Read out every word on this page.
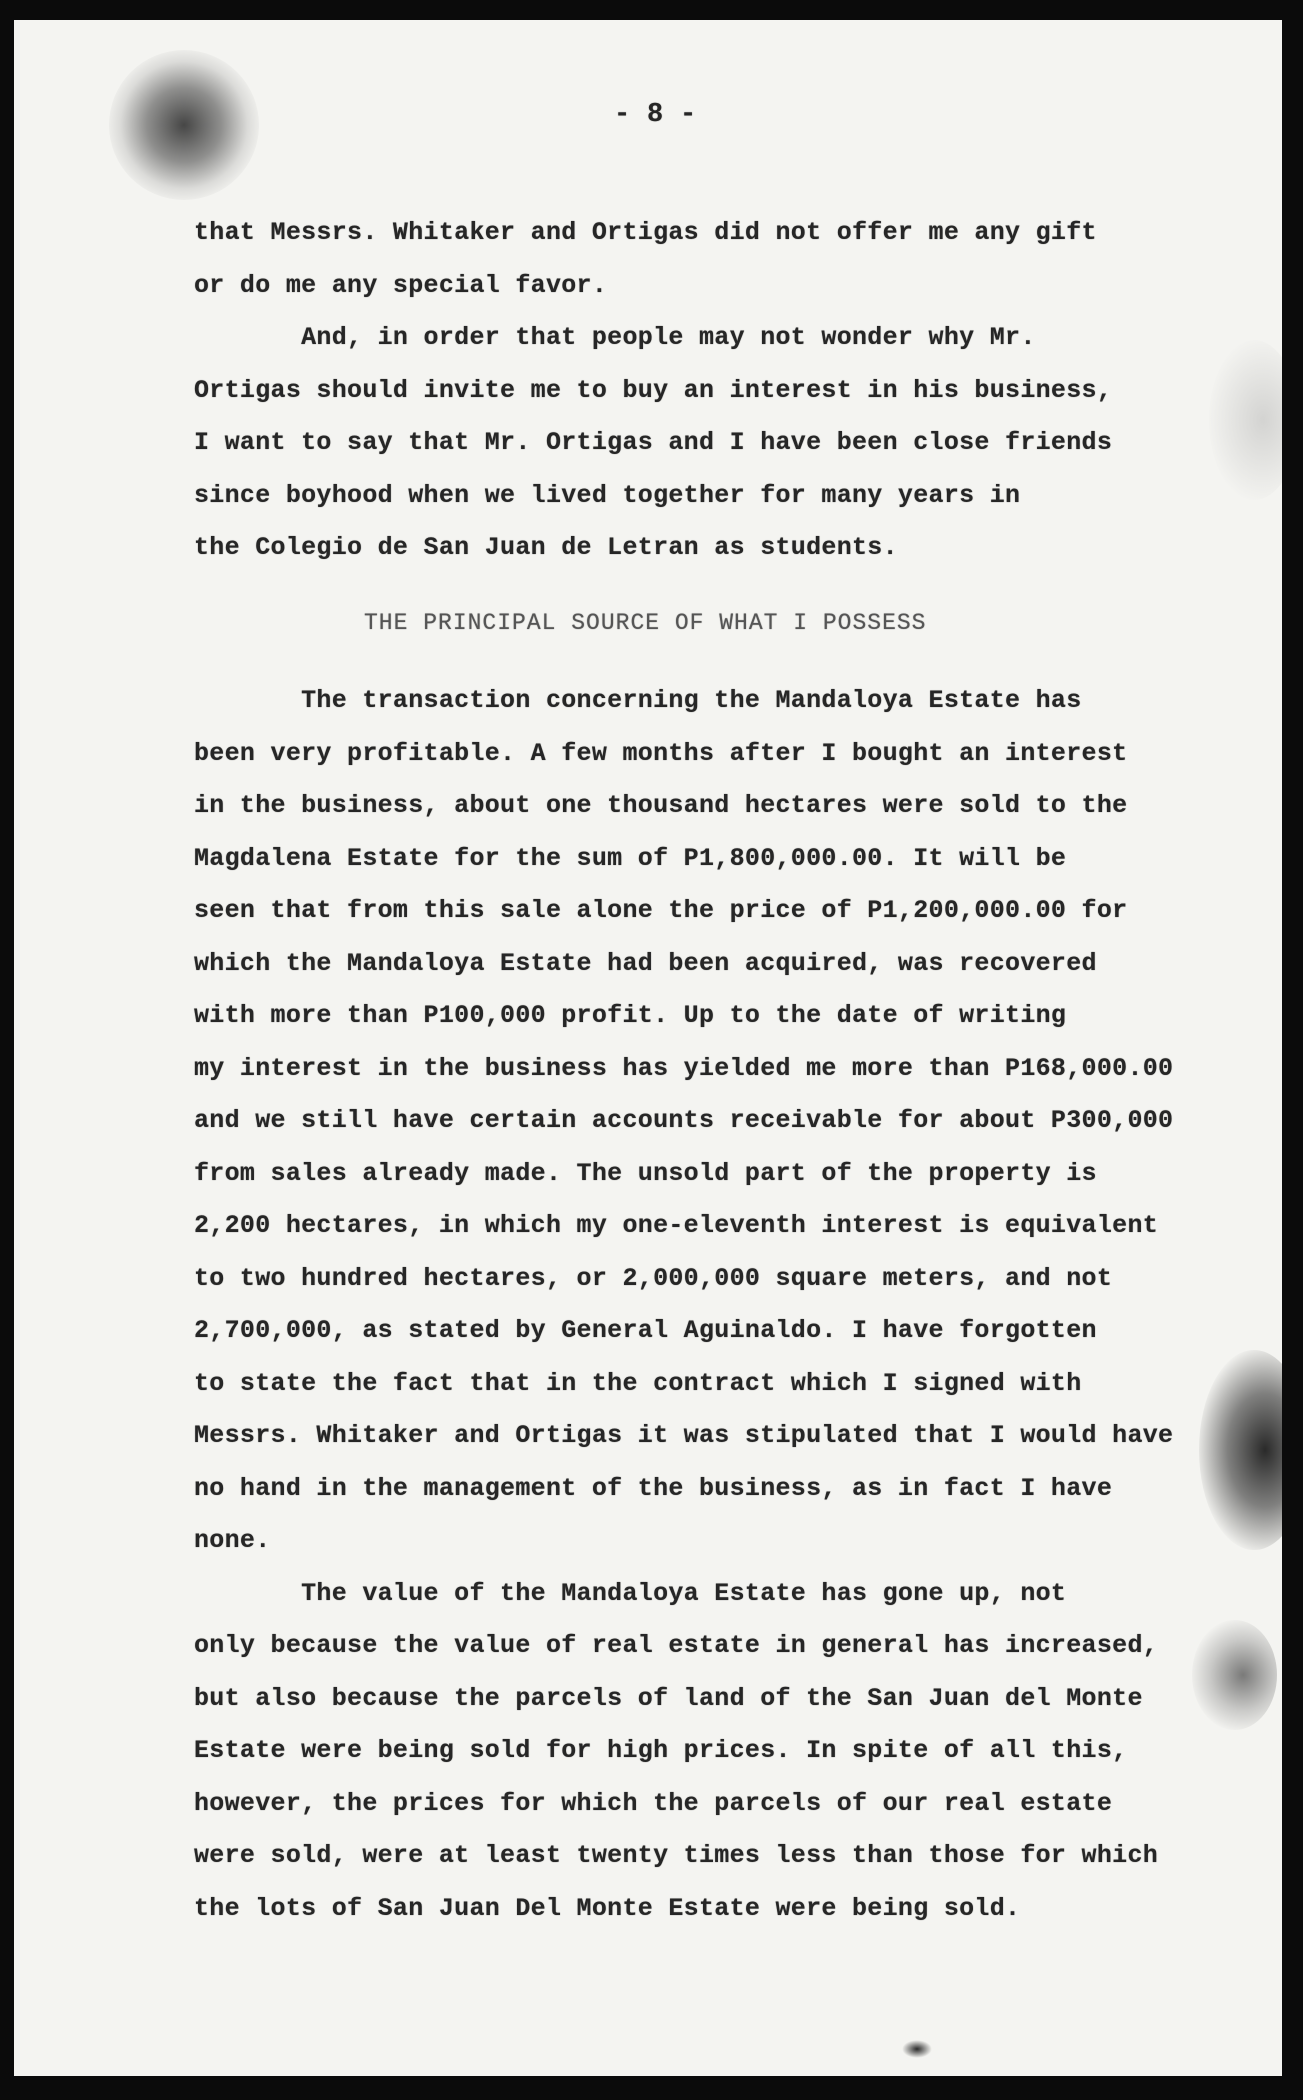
- 8 -
that Messrs. Whitaker and Ortigas did not offer me any gift
or do me any special favor.
And, in order that people may not wonder why Mr.
Ortigas should invite me to buy an interest in his business,
I want to say that Mr. Ortigas and I have been close friends
since boyhood when we lived together for many years in
the Colegio de San Juan de Letran as students.
THE PRINCIPAL SOURCE OF WHAT I POSSESS
The transaction concerning the Mandaloya Estate has
been very profitable. A few months after I bought an interest
in the business, about one thousand hectares were sold to the
Magdalena Estate for the sum of P1,800,000.00. It will be
seen that from this sale alone the price of P1,200,000.00 for
which the Mandaloya Estate had been acquired, was recovered
with more than P100,000 profit. Up to the date of writing
my interest in the business has yielded me more than P168,000.00
and we still have certain accounts receivable for about P300,000
from sales already made. The unsold part of the property is
2,200 hectares, in which my one-eleventh interest is equivalent
to two hundred hectares, or 2,000,000 square meters, and not
2,700,000, as stated by General Aguinaldo. I have forgotten
to state the fact that in the contract which I signed with
Messrs. Whitaker and Ortigas it was stipulated that I would have
no hand in the management of the business, as in fact I have
none.
The value of the Mandaloya Estate has gone up, not
only because the value of real estate in general has increased,
but also because the parcels of land of the San Juan del Monte
Estate were being sold for high prices. In spite of all this,
however, the prices for which the parcels of our real estate
were sold, were at least twenty times less than those for which
the lots of San Juan Del Monte Estate were being sold.
